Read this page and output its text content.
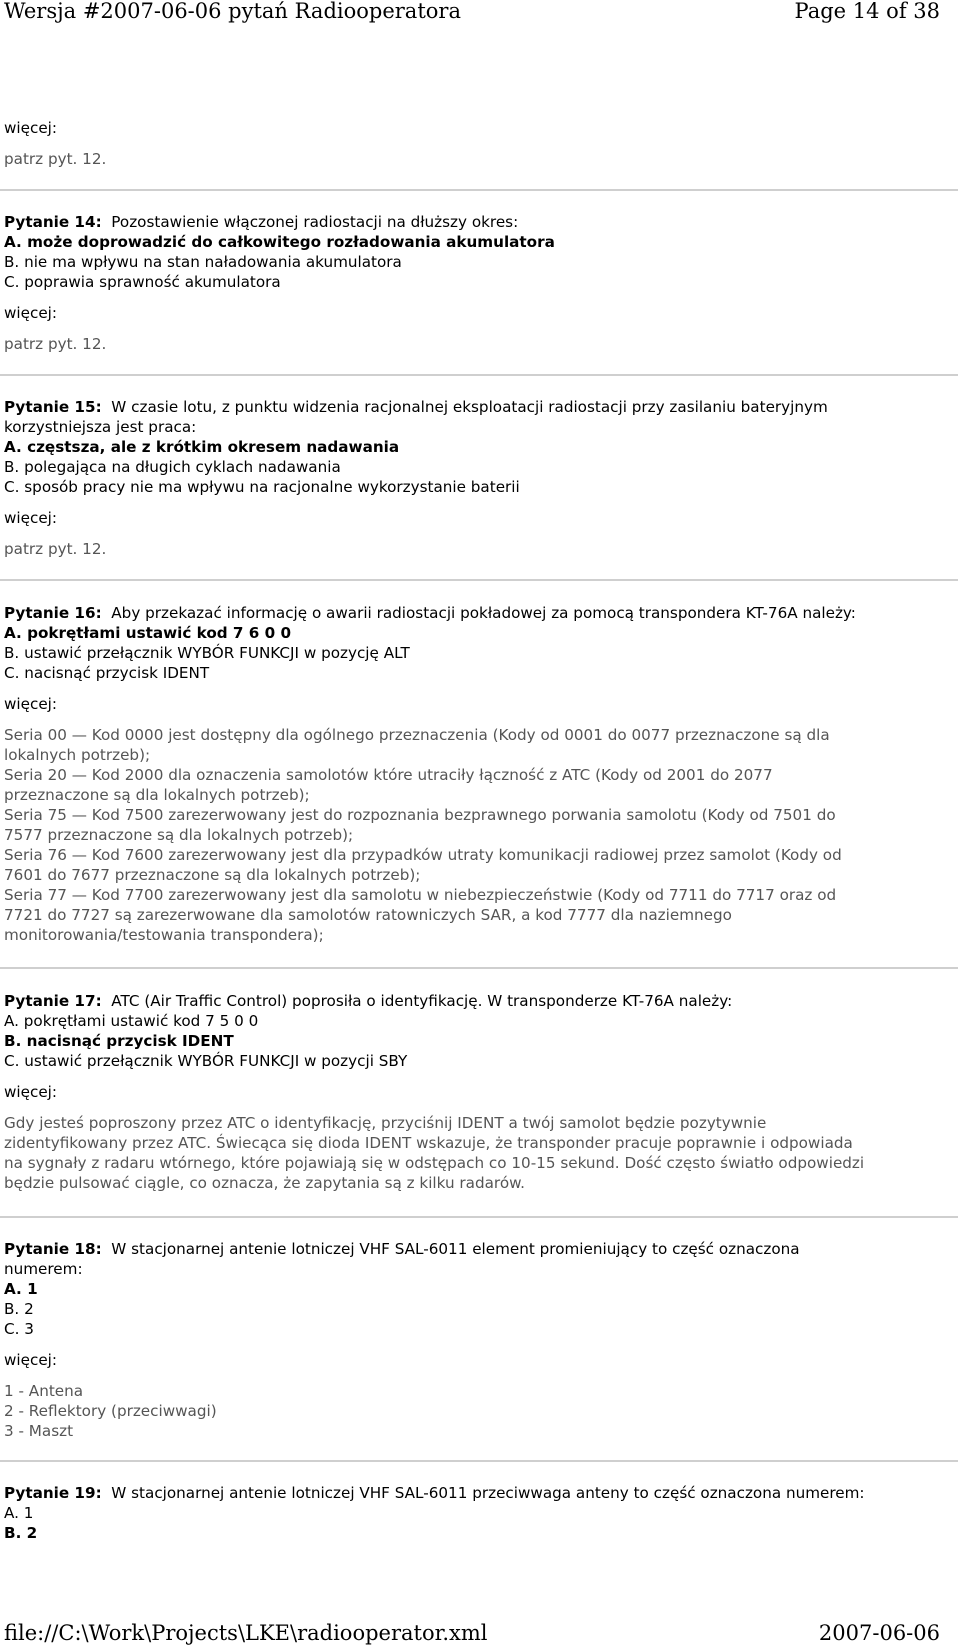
Wersja #2007-06-06 pytań Radiooperatora	Page 14 of 38
więcej:
patrz pyt. 12.
Pytanie 14: Pozostawienie włączonej radiostacji na dłuższy okres:
A. może doprowadzić do całkowitego rozładowania akumulatora
B. nie ma wpływu na stan naładowania akumulatora
C. poprawia sprawność akumulatora
więcej:
patrz pyt. 12.
Pytanie 15: W czasie lotu, z punktu widzenia racjonalnej eksploatacji radiostacji przy zasilaniu bateryjnym
korzystniejsza jest praca:
A. częstsza, ale z krótkim okresem nadawania
B. polegająca na długich cyklach nadawania
C. sposób pracy nie ma wpływu na racjonalne wykorzystanie baterii
więcej:
patrz pyt. 12.
Pytanie 16: Aby przekazać informację o awarii radiostacji pokładowej za pomocą transpondera KT-76A należy:
A. pokrętłami ustawić kod 7 6 0 0
B. ustawić przełącznik WYBÓR FUNKCJI w pozycję ALT
C. nacisnąć przycisk IDENT
więcej:
Seria 00 — Kod 0000 jest dostępny dla ogólnego przeznaczenia (Kody od 0001 do 0077 przeznaczone są dla
lokalnych potrzeb);
Seria 20 — Kod 2000 dla oznaczenia samolotów które utraciły łączność z ATC (Kody od 2001 do 2077
przeznaczone są dla lokalnych potrzeb);
Seria 75 — Kod 7500 zarezerwowany jest do rozpoznania bezprawnego porwania samolotu (Kody od 7501 do
7577 przeznaczone są dla lokalnych potrzeb);
Seria 76 — Kod 7600 zarezerwowany jest dla przypadków utraty komunikacji radiowej przez samolot (Kody od
7601 do 7677 przeznaczone są dla lokalnych potrzeb);
Seria 77 — Kod 7700 zarezerwowany jest dla samolotu w niebezpieczeństwie (Kody od 7711 do 7717 oraz od
7721 do 7727 są zarezerwowane dla samolotów ratowniczych SAR, a kod 7777 dla naziemnego
monitorowania/testowania transpondera);
Pytanie 17: ATC (Air Traffic Control) poprosiła o identyfikację. W transponderze KT-76A należy:
A. pokrętłami ustawić kod 7 5 0 0
B. nacisnąć przycisk IDENT
C. ustawić przełącznik WYBÓR FUNKCJI w pozycji SBY
więcej:
Gdy jesteś poproszony przez ATC o identyfikację, przyciśnij IDENT a twój samolot będzie pozytywnie
zidentyfikowany przez ATC. Świecąca się dioda IDENT wskazuje, że transponder pracuje poprawnie i odpowiada
na sygnały z radaru wtórnego, które pojawiają się w odstępach co 10-15 sekund. Dość często światło odpowiedzi
będzie pulsować ciągle, co oznacza, że zapytania są z kilku radarów.
Pytanie 18: W stacjonarnej antenie lotniczej VHF SAL-6011 element promieniujący to część oznaczona
numerem:
A. 1
B. 2
C. 3
więcej:
1 - Antena
2 - Reflektory (przeciwwagi)
3 - Maszt
Pytanie 19: W stacjonarnej antenie lotniczej VHF SAL-6011 przeciwwaga anteny to część oznaczona numerem:
A. 1
B. 2
file://C:\Work\Projects\LKE\radiooperator.xml	2007-06-06
